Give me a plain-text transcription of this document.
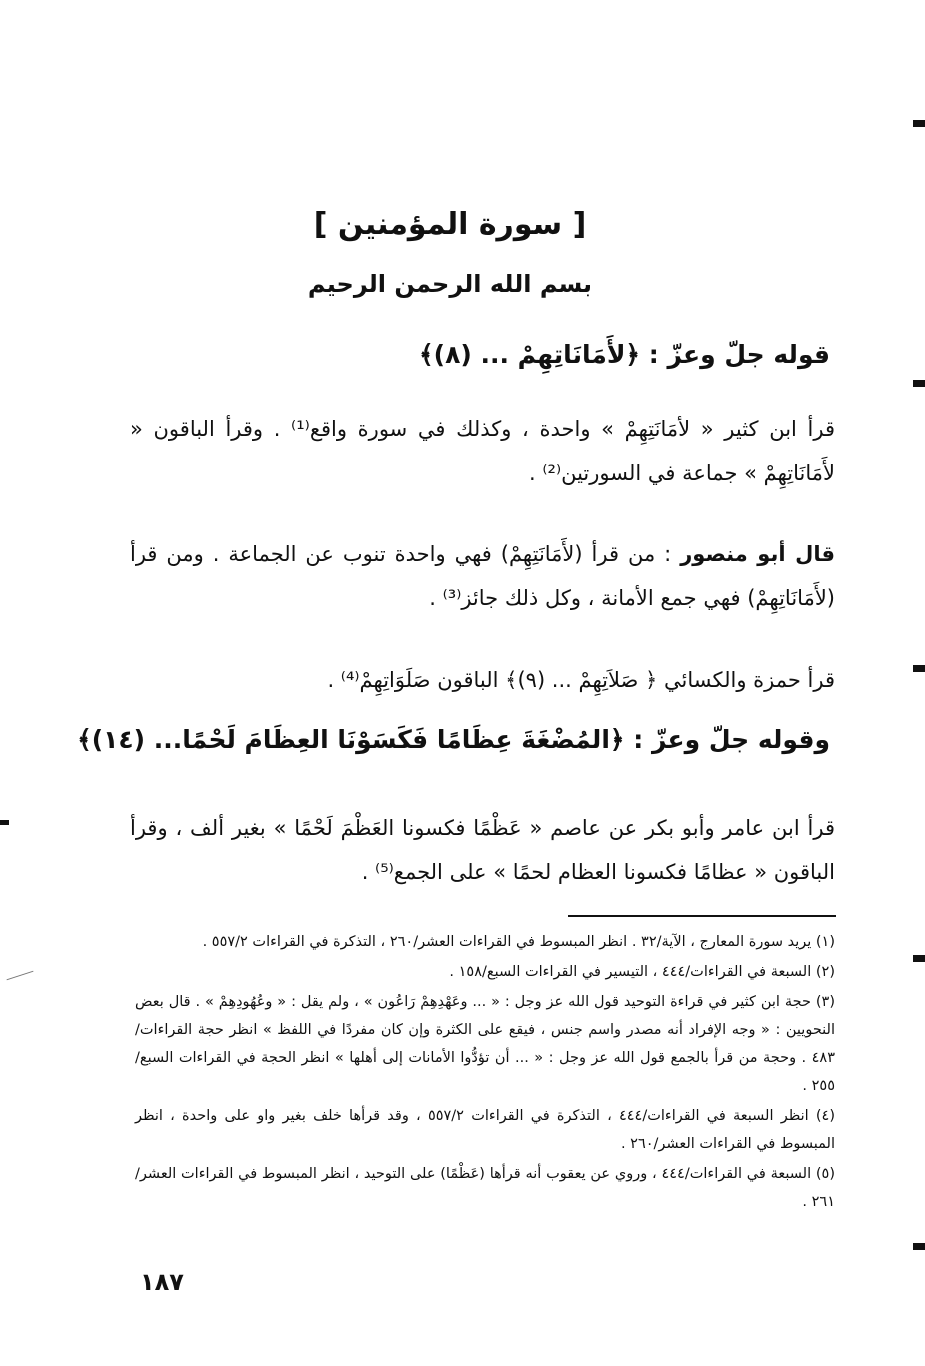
[ سورة المؤمنين ]
بسم الله الرحمن الرحيم
قوله جلّ وعزّ : ﴿لأَمَانَاتِهِمْ ... (٨)﴾
قرأ ابن كثير « لأمَانَتِهِمْ » واحدة ، وكذلك في سورة واقع⁽¹⁾ . وقرأ الباقون « لأَمَانَاتِهِمْ » جماعة في السورتين⁽²⁾ .
قال أبو منصور : من قرأ (لأَمَانَتِهِمْ) فهي واحدة تنوب عن الجماعة . ومن قرأ (لأَمَانَاتِهِمْ) فهي جمع الأمانة ، وكل ذلك جائز⁽³⁾ .
قرأ حمزة والكسائي ﴿ صَلاَتِهِمْ ... (٩)﴾ الباقون صَلَوَاتِهِمْ⁽⁴⁾ .
وقوله جلّ وعزّ : ﴿المُضْغَةَ عِظَامًا فَكَسَوْنَا العِظَامَ لَحْمًا... (١٤)﴾
قرأ ابن عامر وأبو بكر عن عاصم « عَظْمًا فكسونا العَظْمَ لَحْمًا » بغير ألف ، وقرأ الباقون « عظامًا فكسونا العظام لحمًا » على الجمع⁽⁵⁾ .

(١) يريد سورة المعارج ، الآية/٣٢ . انظر المبسوط في القراءات العشر/٢٦٠ ، التذكرة في القراءات ٥٥٧/٢ .

(٢) السبعة في القراءات/٤٤٤ ، التيسير في القراءات السبع/١٥٨ .

(٣) حجة ابن كثير في قراءة التوحيد قول الله عز وجل : « ... وعَهْدِهِمْ رَاعُون » ، ولم يقل : « وعُهُودِهِمْ » . قال بعض النحويين : « وجه الإفراد أنه مصدر واسم جنس ، فيقع على الكثرة وإن كان مفردًا في اللفظ » انظر حجة القراءات/٤٨٣ . وحجة من قرأ بالجمع قول الله عز وجل : « ... أن تؤدُّوا الأمانات إلى أهلها » انظر الحجة في القراءات السبع/٢٥٥ .

(٤) انظر السبعة في القراءات/٤٤٤ ، التذكرة في القراءات ٥٥٧/٢ ، وقد قرأها خلف بغير واو على واحدة ، انظر المبسوط في القراءات العشر/٢٦٠ .

(٥) السبعة في القراءات/٤٤٤ ، وروي عن يعقوب أنه قرأها (عَظْمًا) على التوحيد ، انظر المبسوط في القراءات العشر/٢٦١ .

١٨٧
